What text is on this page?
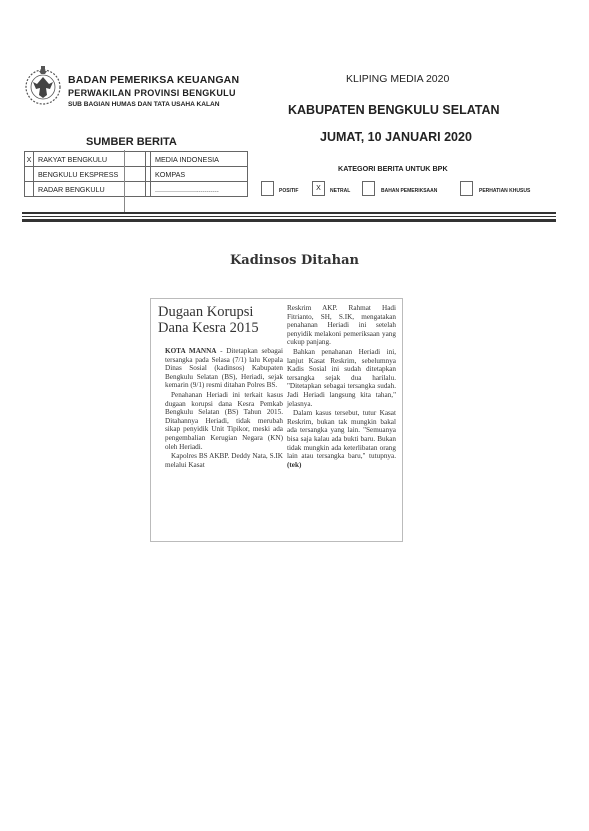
BADAN PEMERIKSA KEUANGAN
PERWAKILAN PROVINSI BENGKULU
SUB BAGIAN HUMAS DAN TATA USAHA KALAN
KLIPING MEDIA 2020
KABUPATEN BENGKULU SELATAN
JUMAT, 10 JANUARI 2020
SUMBER BERITA
X	RAKYAT BENGKULU		MEDIA INDONESIA
	BENGKULU EKSPRESS		KOMPAS
	RADAR BENGKULU		................................
KATEGORI BERITA UNTUK BPK
POSITIF	X	NETRAL	BAHAN PEMERIKSAAN	PERHATIAN KHUSUS
Kadinsos Ditahan
Dugaan Korupsi
Dana Kesra 2015

KOTA MANNA - Ditetapkan sebagai tersangka pada Selasa (7/1) lalu Kepala Dinas Sosial (kadinsos) Kabupaten Bengkulu Selatan (BS), Heriadi, sejak kemarin (9/1) resmi ditahan Polres BS.

Penahanan Heriadi ini terkait kasus dugaan korupsi dana Kesra Pemkab Bengkulu Selatan (BS) Tahun 2015. Ditahannya Heriadi, tidak merubah sikap penyidik Unit Tipikor, meski ada pengembalian Kerugian Negara (KN) oleh Heriadi.

Kapolres BS AKBP. Deddy Nata, S.IK melalui Kasat

Reskrim AKP. Rahmat Hadi Fitrianto, SH, S.IK, mengatakan penahanan Heriadi ini setelah penyidik melakoni pemeriksaan yang cukup panjang.

Bahkan penahanan Heriadi ini, lanjut Kasat Reskrim, sebelumnya Kadis Sosial ini sudah ditetapkan tersangka sejak dua harilalu. "Ditetapkan sebagai tersangka sudah. Jadi Heriadi langsung kita tahan," jelasnya.

Dalam kasus tersebut, tutur Kasat Reskrim, bukan tak mungkin bakal ada tersangka yang lain. "Semuanya bisa saja kalau ada bukti baru. Bukan tidak mungkin ada keterlibatan orang lain atau tersangka baru," tutupnya. (tek)
